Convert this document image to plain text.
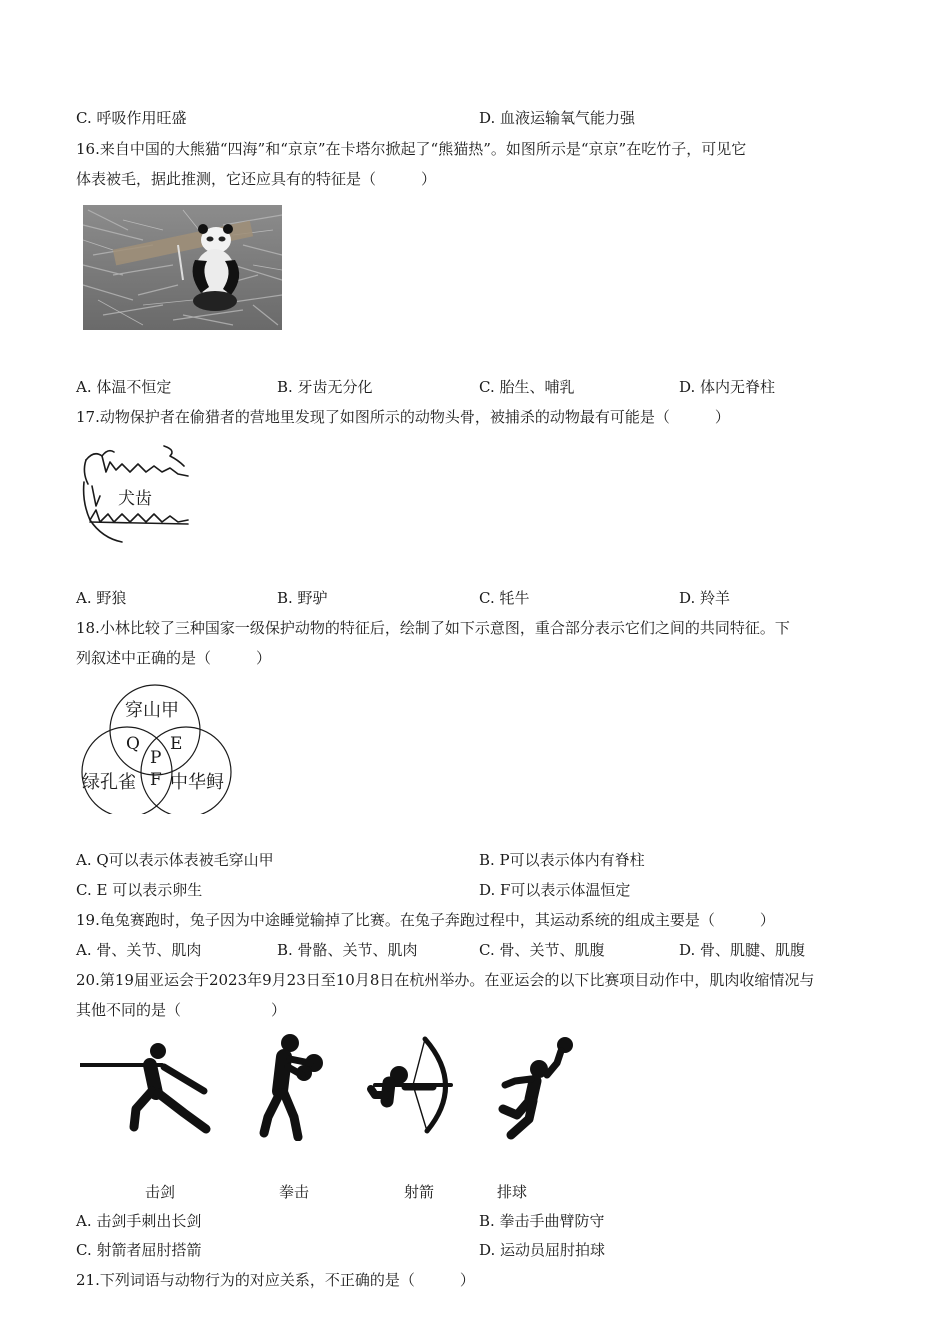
C. 呼吸作用旺盛	D. 血液运输氧气能力强
16.来自中国的大熊猫“四海”和“京京”在卡塔尔掀起了“熊猫热”。如图所示是“京京”在吃竹子，可见它
体表被毛，据此推测，它还应具有的特征是（　　　）
A. 体温不恒定	B. 牙齿无分化	C. 胎生、哺乳	D. 体内无脊柱
17.动物保护者在偷猎者的营地里发现了如图所示的动物头骨，被捕杀的动物最有可能是（　　　）
犬齿
A. 野狼	B. 野驴	C. 牦牛	D. 羚羊
18.小林比较了三种国家一级保护动物的特征后，绘制了如下示意图，重合部分表示它们之间的共同特征。下
列叙述中正确的是（　　　）
穿山甲
绿孔雀 中华鲟
Q
P
E
F
A. Q可以表示体表被毛穿山甲	B. P可以表示体内有脊柱
C. E 可以表示卵生	D. F可以表示体温恒定
19.龟兔赛跑时，兔子因为中途睡觉输掉了比赛。在兔子奔跑过程中，其运动系统的组成主要是（　　　）
A. 骨、关节、肌肉	B. 骨骼、关节、肌肉	C. 骨、关节、肌腹	D. 骨、肌腱、肌腹
20.第19届亚运会于2023年9月23日至10月8日在杭州举办。在亚运会的以下比赛项目动作中，肌肉收缩情况与
其他不同的是（　　　　　　）
击剑	拳击	射箭	排球
A. 击剑手刺出长剑	B. 拳击手曲臂防守
C. 射箭者屈肘搭箭	D. 运动员屈肘拍球
21.下列词语与动物行为的对应关系，不正确的是（　　　）
